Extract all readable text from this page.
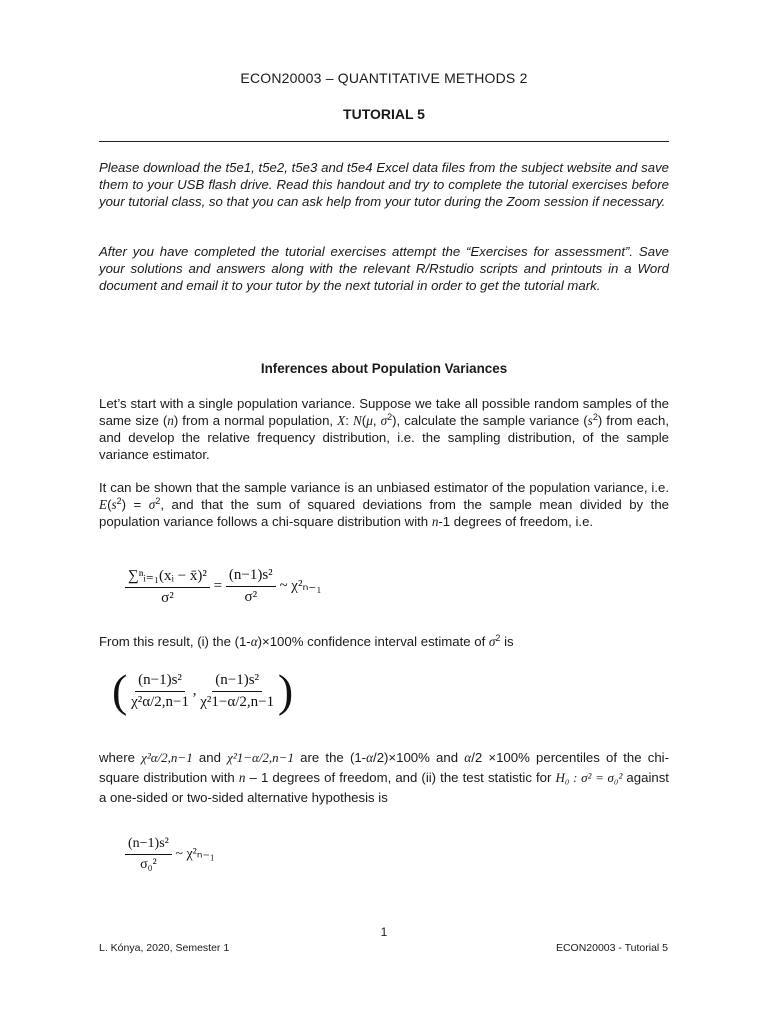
ECON20003 – QUANTITATIVE METHODS 2
TUTORIAL 5
Please download the t5e1, t5e2, t5e3 and t5e4 Excel data files from the subject website and save them to your USB flash drive. Read this handout and try to complete the tutorial exercises before your tutorial class, so that you can ask help from your tutor during the Zoom session if necessary.
After you have completed the tutorial exercises attempt the “Exercises for assessment”. Save your solutions and answers along with the relevant R/Rstudio scripts and printouts in a Word document and email it to your tutor by the next tutorial in order to get the tutorial mark.
Inferences about Population Variances
Let’s start with a single population variance. Suppose we take all possible random samples of the same size (n) from a normal population, X: N(μ, $\sigma^2$), calculate the sample variance $(s^2)$ from each, and develop the relative frequency distribution, i.e. the sampling distribution, of the sample variance estimator.
It can be shown that the sample variance is an unbiased estimator of the population variance, i.e. $E(s^2) = \sigma^2$, and that the sum of squared deviations from the sample mean divided by the population variance follows a chi-square distribution with n-1 degrees of freedom, i.e.
$\frac{\text{∑ⁿᵢ₌₁(xᵢ − x̄)²}}{\text{σ²}} = \frac{\text{(n−1)s²}}{\text{σ²}}$ ~ χ²ₙ₋₁
From this result, (i) the (1-α)×100% confidence interval estimate of $\sigma^2$ is
( $\frac{\text{(n−1)s²}}{\text{χ²α/2,n−1}}$ , $\frac{\text{(n−1)s²}}{\text{χ²1−α/2,n−1}}$ )
where χ²α/2,n−1 and χ²1−α/2,n−1 are the (1-α/2)×100% and α/2 ×100% percentiles of the chi-square distribution with n – 1 degrees of freedom, and (ii) the test statistic for H₀ : σ² = σ₀² against a one-sided or two-sided alternative hypothesis is
$\frac{\text{(n−1)s²}}{\text{σ₀²}}$ ~ χ²ₙ₋₁
1
L. Kónya, 2020, Semester 1	ECON20003 - Tutorial 5
